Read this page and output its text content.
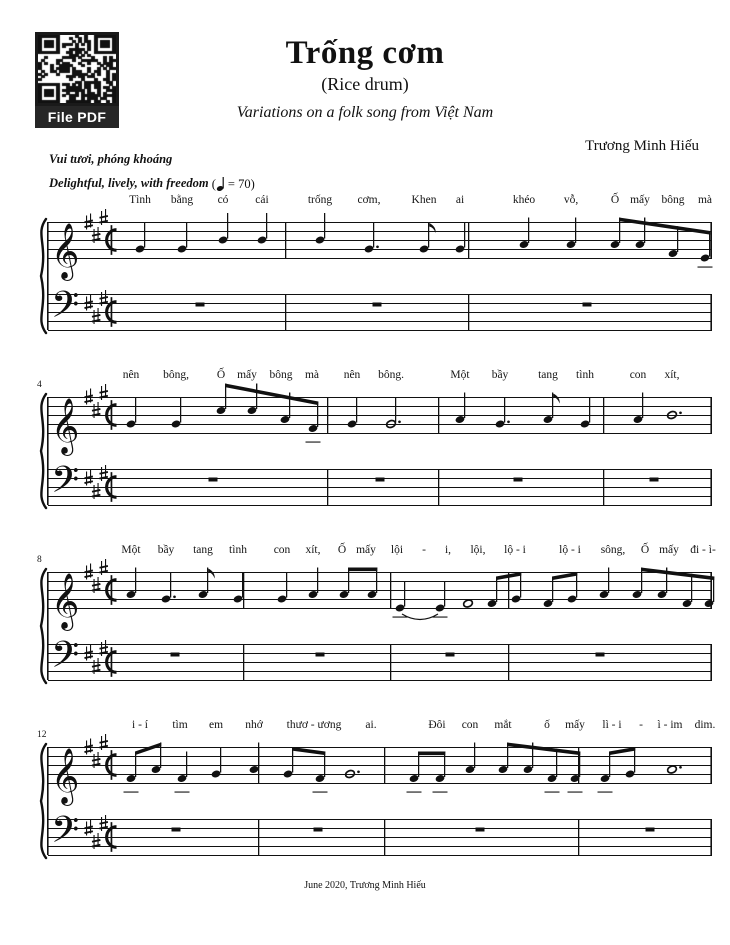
File PDF
Trống cơm
(Rice drum)
Variations on a folk song from Việt Nam
Trương Minh Hiếu
Vui tươi, phóng khoáng
Delightful, lively, with freedom ( = 70)
𝄞
𝄢
Tình bằng có cái	trống cơm,	Khen ai	khéo vỗ,	Ố mấy bông mà
𝄞
𝄢
nên bông, Ố mấy bông mà nên bông.	Một bầy	tang tình	con xít,
4
𝄞
𝄢
Một bầy tang tình con xít, Ố mấy lội - i, lội, lộ - i	lộ - i sông, Ố mấy đi - ì-
8
𝄞
𝄢
i - í tìm em nhớ thươ - ương ai.	Đôi con mắt	ố mấy lì - i - ì - im dim.
12
June 2020, Trương Minh Hiếu
